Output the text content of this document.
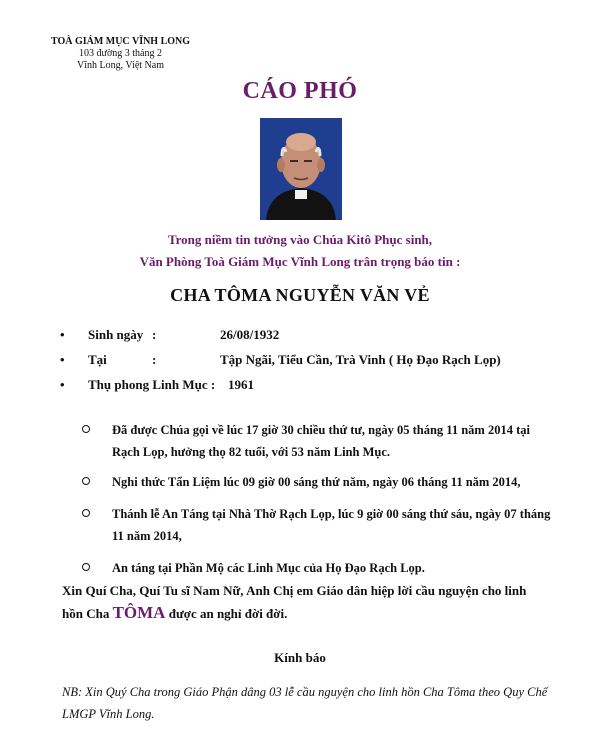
TOÀ GIÁM MỤC VĨNH LONG
103 đường 3 tháng 2
Vĩnh Long, Việt Nam
CÁO PHÓ
Trong niềm tin tưởng vào Chúa Kitô Phục sinh,
Văn Phòng Toà Giám Mục Vĩnh Long trân trọng báo tin :
CHA TÔMA NGUYỄN VĂN VẺ
• Sinh ngày :	26/08/1932
• Tại	:	Tập Ngãi, Tiểu Cần, Trà Vinh ( Họ Đạo Rạch Lọp)
• Thụ phong Linh Mục : 1961
Đã được Chúa gọi về lúc 17 giờ 30 chiều thứ tư, ngày 05 tháng 11 năm 2014 tại Rạch Lọp, hưởng thọ 82 tuổi, với 53 năm Linh Mục.
Nghi thức Tẩn Liệm lúc 09 giờ 00 sáng thứ năm, ngày 06 tháng 11 năm 2014,
Thánh lễ An Táng tại Nhà Thờ Rạch Lọp, lúc 9 giờ 00 sáng thứ sáu, ngày 07 tháng 11 năm 2014,
An táng tại Phần Mộ các Linh Mục của Họ Đạo Rạch Lọp.
Xin Quí Cha, Quí Tu sĩ Nam Nữ, Anh Chị em Giáo dân hiệp lời cầu nguyện cho linh hồn Cha TÔMA được an nghỉ đời đời.
Kính báo
NB: Xin Quý Cha trong Giáo Phận dâng 03 lễ cầu nguyện cho linh hồn Cha Tôma theo Quy Chế LMGP Vĩnh Long.
